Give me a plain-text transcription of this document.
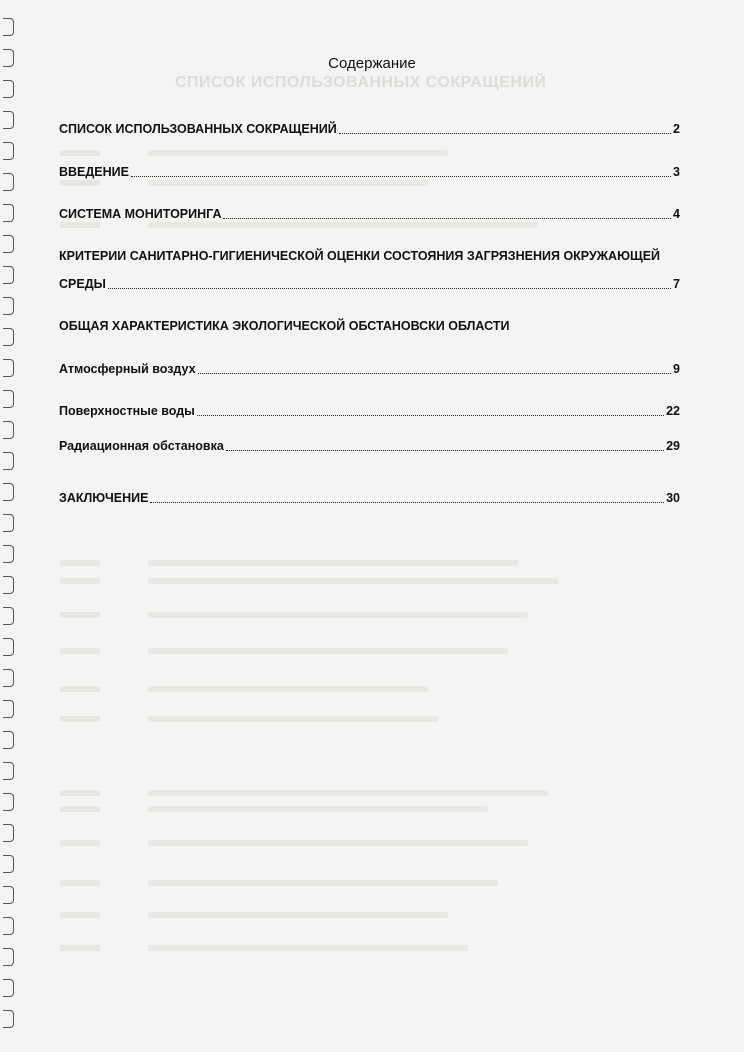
СПИСОК ИСПОЛЬЗОВАННЫХ СОКРАЩЕНИЙ
Содержание
СПИСОК ИСПОЛЬЗОВАННЫХ СОКРАЩЕНИЙ	2
ВВЕДЕНИЕ	3
СИСТЕМА МОНИТОРИНГА	4
КРИТЕРИИ САНИТАРНО-ГИГИЕНИЧЕСКОЙ ОЦЕНКИ СОСТОЯНИЯ ЗАГРЯЗНЕНИЯ ОКРУЖАЮЩЕЙ
СРЕДЫ	7
ОБЩАЯ ХАРАКТЕРИСТИКА ЭКОЛОГИЧЕСКОЙ ОБСТАНОВСКИ ОБЛАСТИ
Атмосферный воздух	9
Поверхностные воды	22
Радиационная обстановка	29
ЗАКЛЮЧЕНИЕ	30
